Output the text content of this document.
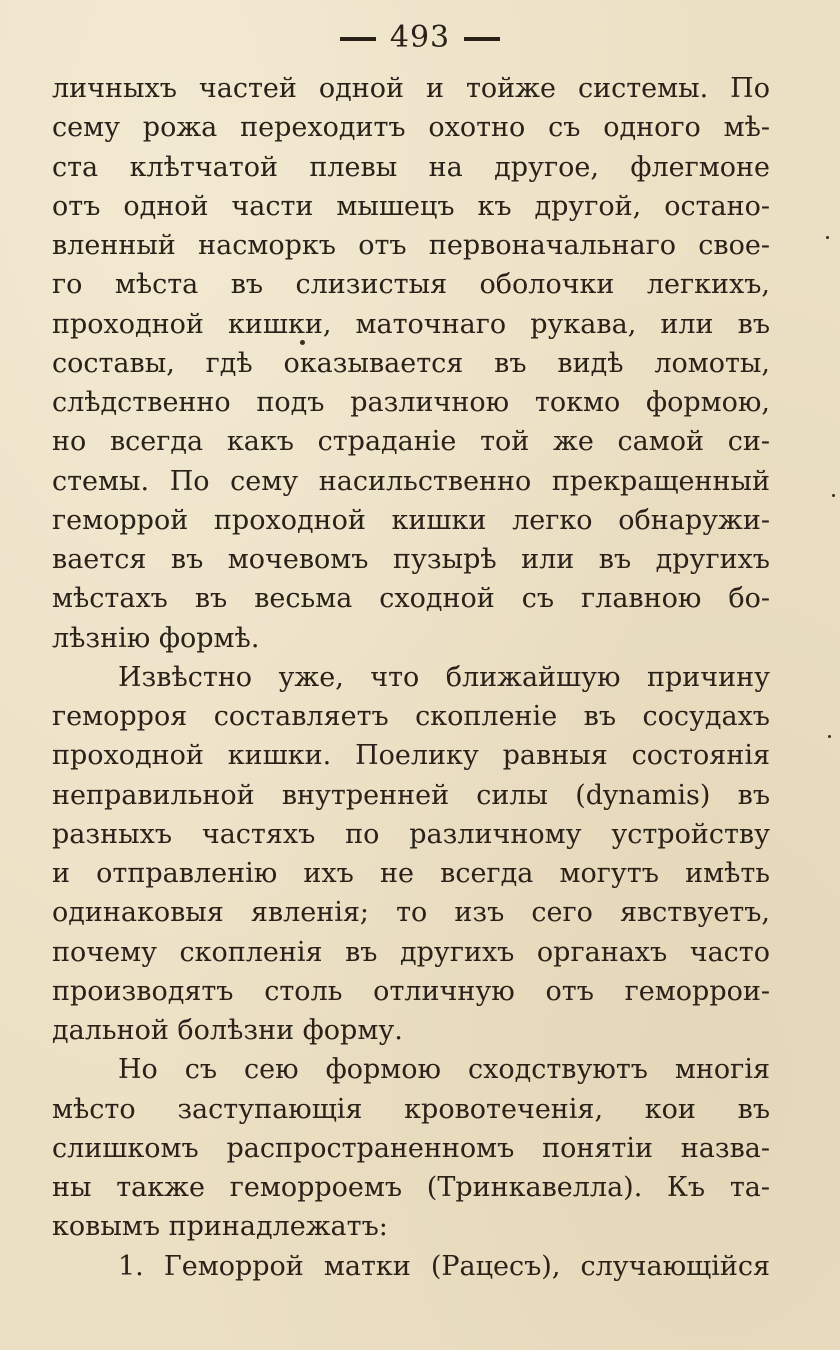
493
личныхъ частей одной и тойже системы. По
сему рожа переходитъ охотно съ одного мѣ-
ста клѣтчатой плевы на другое, флегмоне
отъ одной части мышецъ къ другой, остано-
вленный насморкъ отъ первоначальнаго свое-
го мѣста въ слизистыя оболочки легкихъ,
проходной кишки, маточнаго рукава, или въ
составы, гдѣ оказывается въ видѣ ломоты,
слѣдственно подъ различною токмо формою,
но всегда какъ страданіе той же самой си-
стемы. По сему насильственно прекращенный
геморрой проходной кишки легко обнаружи-
вается въ мочевомъ пузырѣ или въ другихъ
мѣстахъ въ весьма сходной съ главною бо-
лѣзнію формѣ.
Извѣстно уже, что ближайшую причину
геморроя составляетъ скопленіе въ сосудахъ
проходной кишки. Поелику равныя состоянія
неправильной внутренней силы (dynamis) въ
разныхъ частяхъ по различному устройству
и отправленію ихъ не всегда могутъ имѣть
одинаковыя явленія; то изъ сего явствуетъ,
почему скопленія въ другихъ органахъ часто
производятъ столь отличную отъ геморрои-
дальной болѣзни форму.
Но съ сею формою сходствуютъ многія
мѣсто заступающія кровотеченія, кои въ
слишкомъ распространенномъ понятіи назва-
ны также геморроемъ (Тринкавелла). Къ та-
ковымъ принадлежатъ:
1. Геморрой матки (Рацесъ), случающійся
